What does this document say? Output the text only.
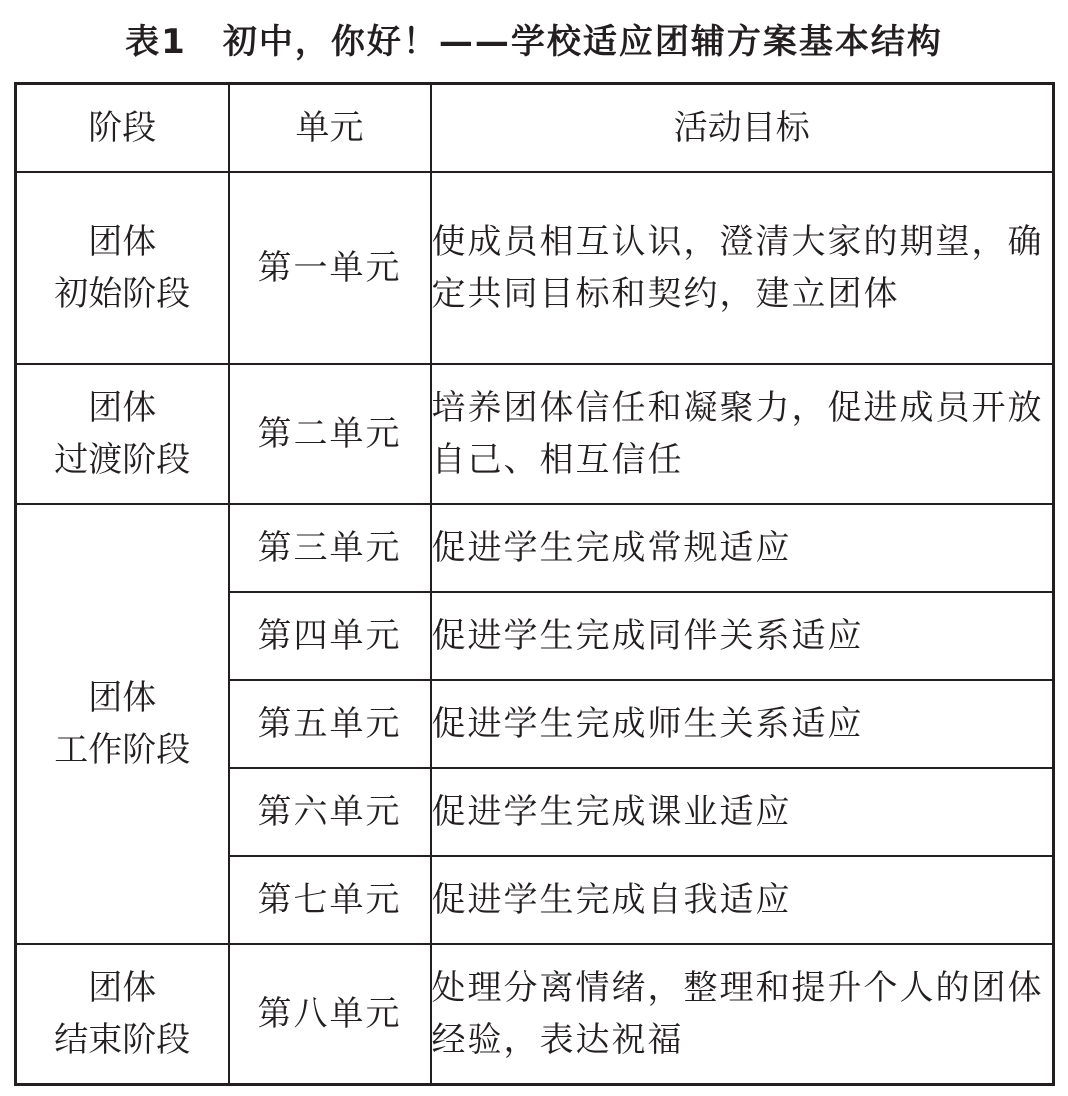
表1　初中，你好！——学校适应团辅方案基本结构
阶段	单元	活动目标

团体
初始阶段	第一单元	使成员相互认识，澄清大家的期望，确定共同目标和契约，建立团体

团体
过渡阶段	第二单元	培养团体信任和凝聚力，促进成员开放自己、相互信任

团体
工作阶段	第三单元	促进学生完成常规适应
	第四单元	促进学生完成同伴关系适应
	第五单元	促进学生完成师生关系适应
	第六单元	促进学生完成课业适应
	第七单元	促进学生完成自我适应

团体
结束阶段	第八单元	处理分离情绪，整理和提升个人的团体经验，表达祝福
